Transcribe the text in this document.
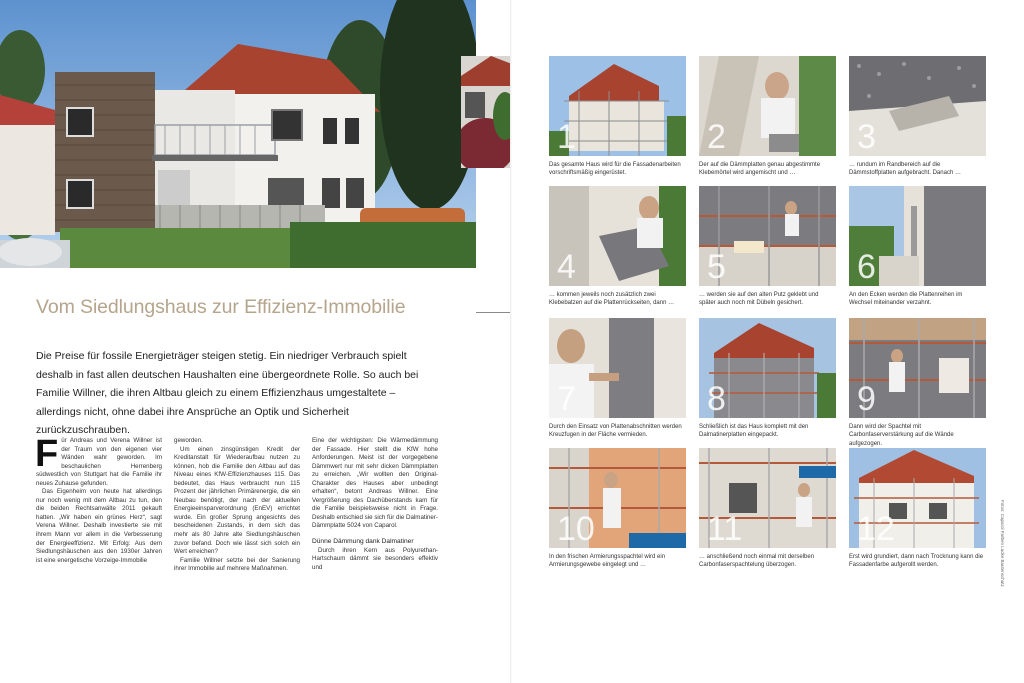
Vom Siedlungshaus zur Effizienz-Immobilie

Die Preise für fossile Energieträger steigen stetig. Ein niedriger Verbrauch spielt deshalb in fast allen deutschen Haushalten eine übergeordnete Rolle. So auch bei Familie Willner, die ihren Altbau gleich zu einem Effizienzhaus umgestaltete – allerdings nicht, ohne dabei ihre Ansprüche an Optik und Sicherheit zurückzuschrauben.

Für Andreas und Verena Willner ist der Traum von den eigenen vier Wänden wahr geworden. Im beschaulichen Herrenberg südwestlich von Stuttgart hat die Familie ihr neues Zuhause gefunden.

Das Eigenheim von heute hat allerdings nur noch wenig mit dem Altbau zu tun, den die beiden Rechtsanwälte 2011 gekauft hatten. „Wir haben ein grünes Herz“, sagt Verena Willner. Deshalb investierte sie mit ihrem Mann vor allem in die Verbesserung der Energieeffizienz. Mit Erfolg: Aus dem Siedlungshäuschen aus den 1930er Jahren ist eine energetische Vorzeige-Immobilie

geworden.

Um einen zinsgünstigen Kredit der Kreditanstalt für Wiederaufbau nutzen zu können, hob die Familie den Altbau auf das Niveau eines KfW-Effizienzhauses 115. Das bedeutet, das Haus verbraucht nun 115 Prozent der jährlichen Primärenergie, die ein Neubau benötigt, der nach der aktuellen Energieeinsparverordnung (EnEV) errichtet wurde. Ein großer Sprung angesichts des bescheidenen Zustands, in dem sich das mehr als 80 Jahre alte Siedlungshäuschen zuvor befand. Doch wie lässt sich solch ein Wert erreichen?

Familie Willner setzte bei der Sanierung ihrer Immobilie auf mehrere Maßnahmen.

Eine der wichtigsten: Die Wärmedämmung der Fassade. Hier stellt die KfW hohe Anforderungen. Meist ist der vorgegebene Dämmwert nur mit sehr dicken Dämmplatten zu erreichen. „Wir wollten den Original-Charakter des Hauses aber unbedingt erhalten“, betont Andreas Willner. Eine Vergrößerung des Dachüberstands kam für die Familie beispielsweise nicht in Frage. Deshalb entschied sie sich für die Dalmatiner-Dämmplatte 5024 von Caparol.

Dünne Dämmung dank Dalmatiner

Durch ihren Kern aus Polyurethan-Hartschaum dämmt sie besonders effektiv und

1
Das gesamte Haus wird für die Fassadenarbeiten vorschriftsmäßig eingerüstet.
2
Der auf die Dämmplatten genau abgestimmte Klebemörtel wird angemischt und …
3
… rundum im Randbereich auf die Dämmstoffplatten aufgebracht. Danach …
4
… kommen jeweils noch zusätzlich zwei Klebebatzen auf die Plattenrückseiten, dann …
5
… werden sie auf den alten Putz geklebt und später auch noch mit Dübeln gesichert.
6
An den Ecken werden die Plattenreihen im Wechsel miteinander verzahnt.
7
Durch den Einsatz von Plattenabschnitten werden Kreuzfugen in der Fläche vermieden.
8
Schließlich ist das Haus komplett mit den Dalmatinerplatten eingepackt.
9
Dann wird der Spachtel mit Carbonfaserverstärkung auf die Wände aufgezogen.
10
In den frischen Armierungsspachtel wird ein Armierungsgewebe eingelegt und …
11
… anschließend noch einmal mit derselben Carbonfaserspachtelung überzogen.
12
Erst wird grundiert, dann nach Trocknung kann die Fassadenfarbe aufgerollt werden.	Fotos: Caparol Farben Lacke Bautenschutz
